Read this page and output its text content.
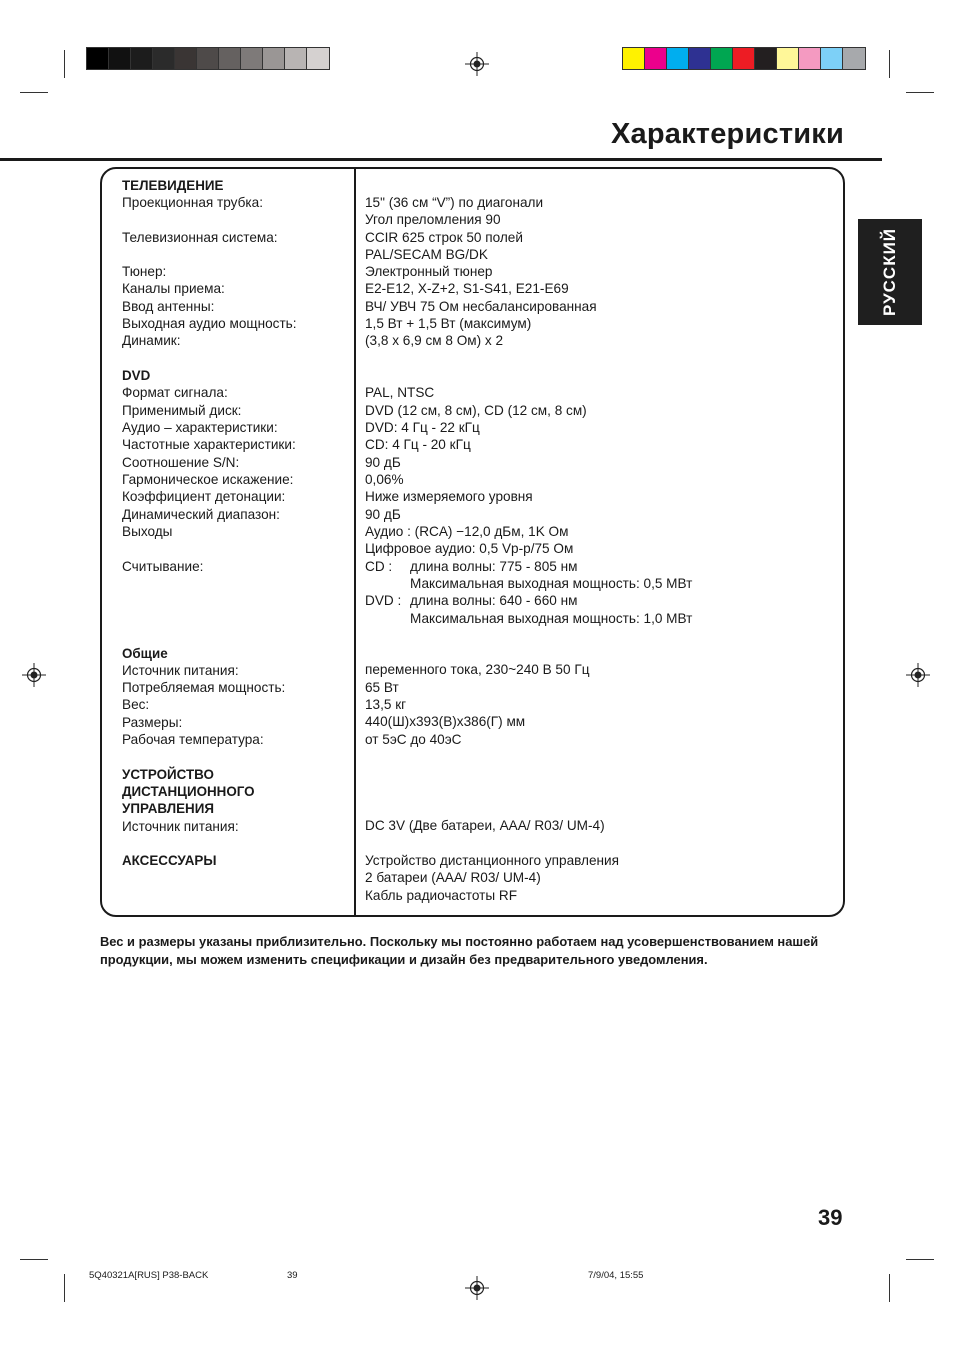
Характеристики
РУССКИЙ
ТЕЛЕВИДЕНИЕ
Проекционная трубка:	15" (36 см “V”) по диагонали
Угол преломления 90
Телевизионная система:	CCIR 625 строк 50 полей
PAL/SECAM BG/DK
Тюнер:	Электронный тюнер
Каналы приема:	E2-E12, X-Z+2, S1-S41, E21-E69
Ввод антенны:	ВЧ/ УВЧ 75 Ом несбалансированная
Выходная аудио мощность:	1,5 Вт + 1,5 Вт (максимум)
Динамик:	(3,8 x 6,9 см 8 Ом) x 2
DVD
Формат сигнала:	PAL, NTSC
Применимый диск:	DVD (12 см, 8 см), CD (12 см, 8 см)
Аудио – характеристики:	DVD: 4 Гц - 22 кГц
Частотные характеристики:	CD: 4 Гц - 20 кГц
Соотношение S/N:	90 дБ
Гармоническое искажение:	0,06%
Коэффициент детонации:	Ниже измеряемого уровня
Динамический диапазон:	90 дБ
Выходы	Аудио : (RCA) −12,0 дБм, 1K Ом
Цифровое аудио: 0,5 Vp-p/75 Ом
Считывание:	CD : длина волны: 775 - 805 нм
Максимальная выходная мощность: 0,5 МВт
DVD : длина волны: 640 - 660 нм
Максимальная выходная мощность: 1,0 МВт
Общие
Источник питания:	переменного тока, 230~240 В 50 Гц
Потребляемая мощность:	65 Вт
Вес:	13,5 кг
Размеры:	440(Ш)x393(В)x386(Г) мм
Рабочая температура:	от 5эС до 40эС
УСТРОЙСТВО
ДИСТАНЦИОННОГО
УПРАВЛЕНИЯ
Источник питания:	DC 3V (Две батареи, AAA/ R03/ UM-4)
АКСЕССУАРЫ	Устройство дистанционного управления
2 батареи (AAA/ R03/ UM-4)
Кабль радиочастоты RF
Вес и размеры указаны приблизительно. Поскольку мы постоянно работаем над усовершенствованием нашей продукции, мы можем изменить спецификации и дизайн без предварительного уведомления.
39
5Q40321A[RUS] P38-BACK	39	7/9/04, 15:55
